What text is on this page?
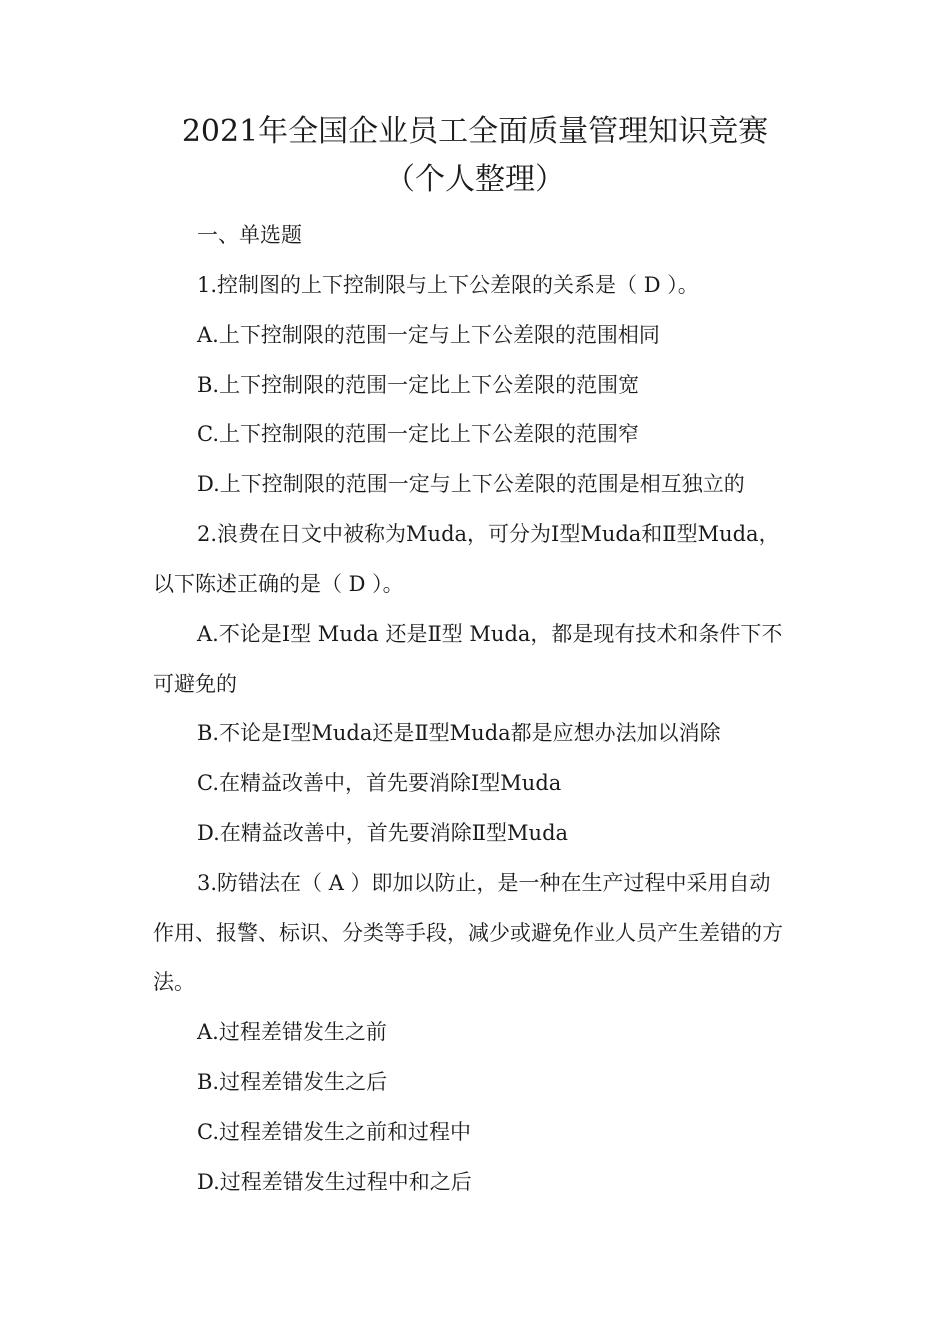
2021年全国企业员工全面质量管理知识竞赛
（个人整理）
一、单选题
1.控制图的上下控制限与上下公差限的关系是（ D ）。
A.上下控制限的范围一定与上下公差限的范围相同
B.上下控制限的范围一定比上下公差限的范围宽
C.上下控制限的范围一定比上下公差限的范围窄
D.上下控制限的范围一定与上下公差限的范围是相互独立的
2.浪费在日文中被称为Muda，可分为Ⅰ型Muda和Ⅱ型Muda，
以下陈述正确的是（ D ）。
A.不论是Ⅰ型 Muda 还是Ⅱ型 Muda，都是现有技术和条件下不
可避免的
B.不论是Ⅰ型Muda还是Ⅱ型Muda都是应想办法加以消除
C.在精益改善中，首先要消除Ⅰ型Muda
D.在精益改善中，首先要消除Ⅱ型Muda
3.防错法在（ A ）即加以防止，是一种在生产过程中采用自动
作用、报警、标识、分类等手段，减少或避免作业人员产生差错的方
法。
A.过程差错发生之前
B.过程差错发生之后
C.过程差错发生之前和过程中
D.过程差错发生过程中和之后
